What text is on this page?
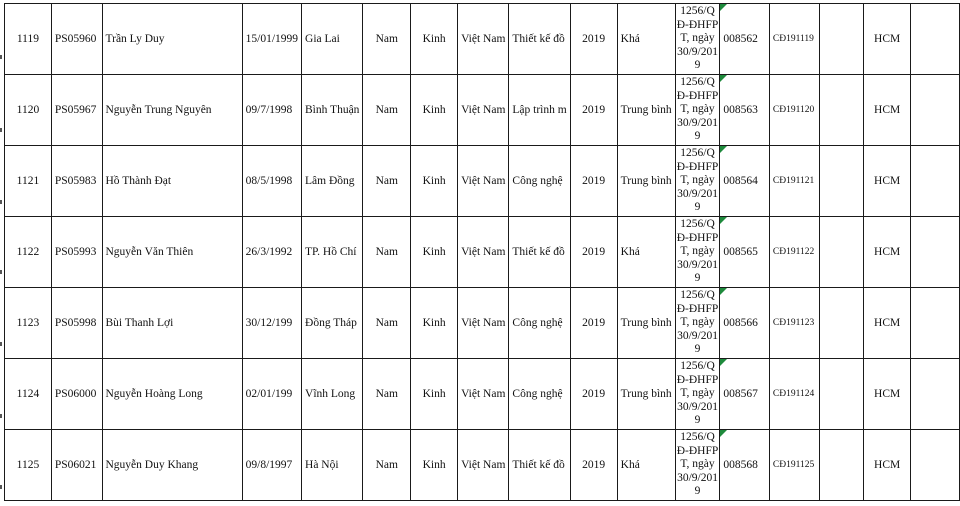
1119	PS05960	Trần Ly Duy	15/01/1999	Gia Lai	Nam	Kinh	Việt Nam	Thiết kế đồ	2019	Khá	1256/QĐ-ĐHFPT, ngày 30/9/2019	008562	CĐ191119		HCM	
1120	PS05967	Nguyễn Trung Nguyên	09/7/1998	Bình Thuận	Nam	Kinh	Việt Nam	Lập trình m	2019	Trung bình	1256/QĐ-ĐHFPT, ngày 30/9/2019	008563	CĐ191120		HCM	
1121	PS05983	Hồ Thành Đạt	08/5/1998	Lâm Đồng	Nam	Kinh	Việt Nam	Công nghệ	2019	Trung bình	1256/QĐ-ĐHFPT, ngày 30/9/2019	008564	CĐ191121		HCM	
1122	PS05993	Nguyễn Văn Thiên	26/3/1992	TP. Hồ Chí	Nam	Kinh	Việt Nam	Thiết kế đồ	2019	Khá	1256/QĐ-ĐHFPT, ngày 30/9/2019	008565	CĐ191122		HCM	
1123	PS05998	Bùi Thanh Lợi	30/12/199	Đồng Tháp	Nam	Kinh	Việt Nam	Công nghệ	2019	Trung bình	1256/QĐ-ĐHFPT, ngày 30/9/2019	008566	CĐ191123		HCM	
1124	PS06000	Nguyễn Hoàng Long	02/01/199	Vĩnh Long	Nam	Kinh	Việt Nam	Công nghệ	2019	Trung bình	1256/QĐ-ĐHFPT, ngày 30/9/2019	008567	CĐ191124		HCM	
1125	PS06021	Nguyễn Duy Khang	09/8/1997	Hà Nội	Nam	Kinh	Việt Nam	Thiết kế đồ	2019	Khá	1256/QĐ-ĐHFPT, ngày 30/9/2019	008568	CĐ191125		HCM	
